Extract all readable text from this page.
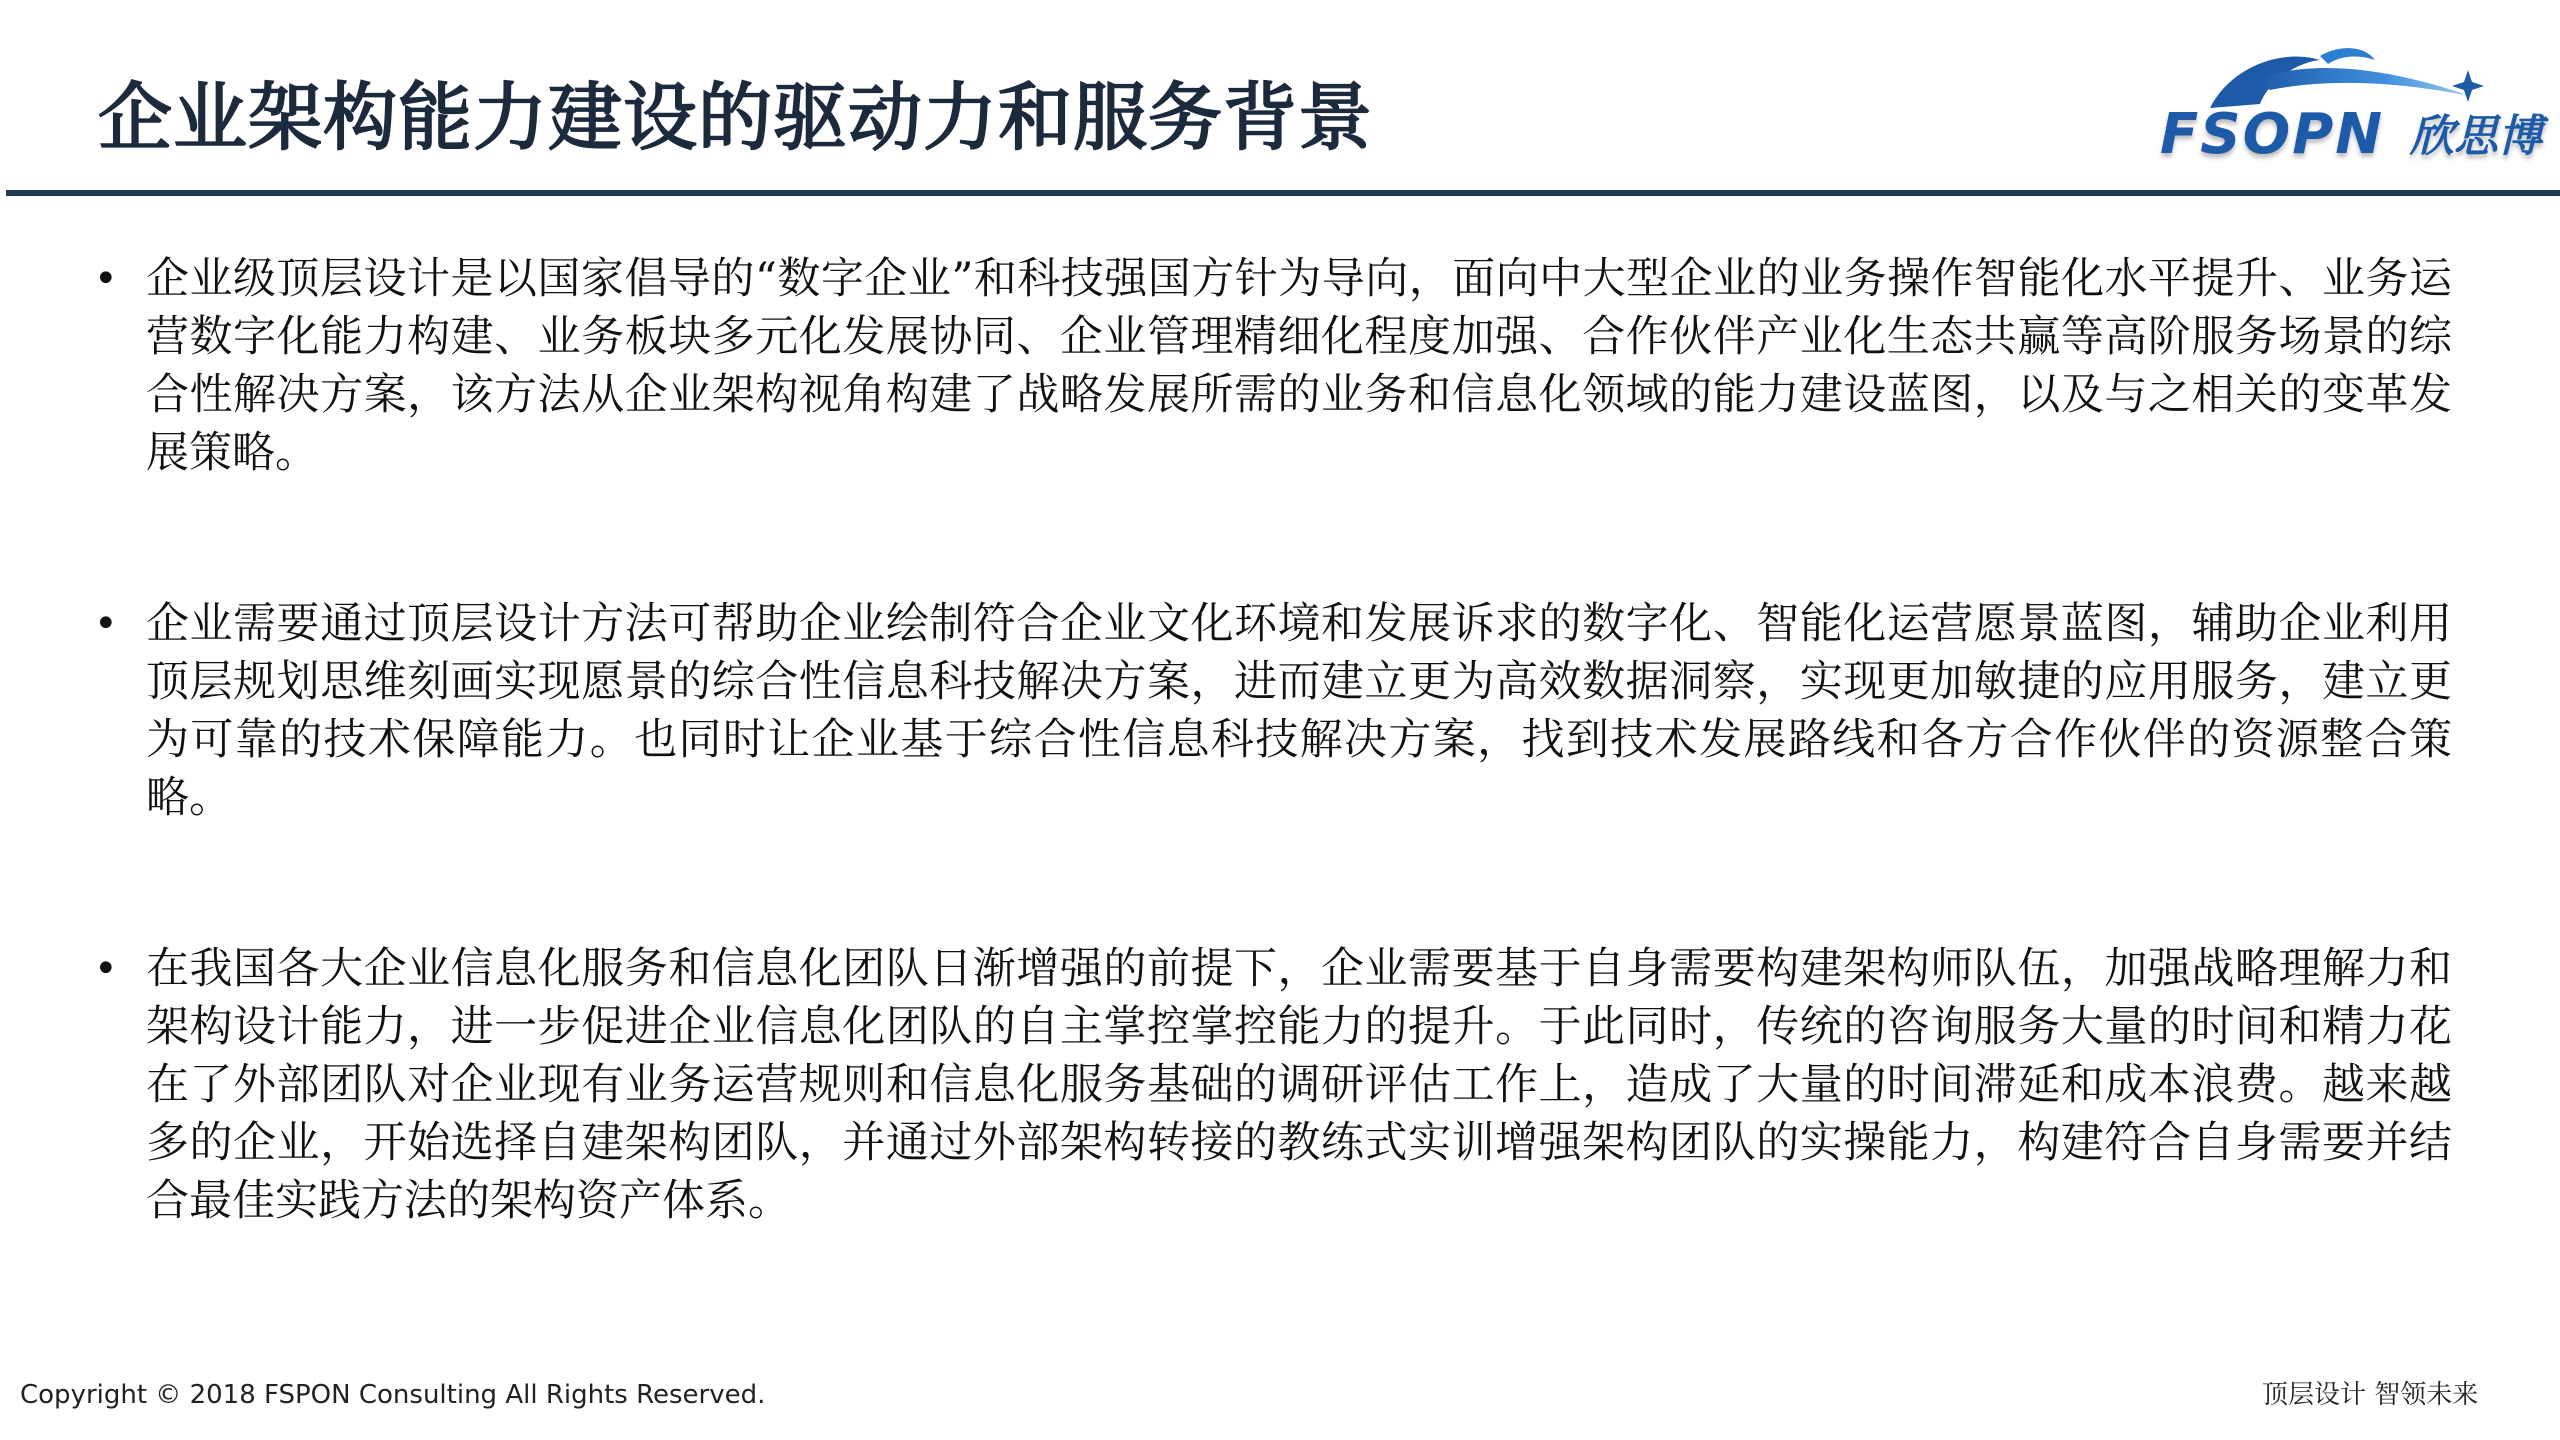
企业架构能力建设的驱动力和服务背景	FSOPN 欣思博
• 企业级顶层设计是以国家倡导的“数字企业”和科技强国方针为导向，面向中大型企业的业务操作智能化水平提升、业务运营数字化能力构建、业务板块多元化发展协同、企业管理精细化程度加强、合作伙伴产业化生态共赢等高阶服务场景的综合性解决方案，该方法从企业架构视角构建了战略发展所需的业务和信息化领域的能力建设蓝图，以及与之相关的变革发展策略。

• 企业需要通过顶层设计方法可帮助企业绘制符合企业文化环境和发展诉求的数字化、智能化运营愿景蓝图，辅助企业利用顶层规划思维刻画实现愿景的综合性信息科技解决方案，进而建立更为高效数据洞察，实现更加敏捷的应用服务，建立更为可靠的技术保障能力。也同时让企业基于综合性信息科技解决方案，找到技术发展路线和各方合作伙伴的资源整合策略。

• 在我国各大企业信息化服务和信息化团队日渐增强的前提下，企业需要基于自身需要构建架构师队伍，加强战略理解力和架构设计能力，进一步促进企业信息化团队的自主掌控掌控能力的提升。于此同时，传统的咨询服务大量的时间和精力花在了外部团队对企业现有业务运营规则和信息化服务基础的调研评估工作上，造成了大量的时间滞延和成本浪费。越来越多的企业，开始选择自建架构团队，并通过外部架构转接的教练式实训增强架构团队的实操能力，构建符合自身需要并结合最佳实践方法的架构资产体系。

Copyright © 2018 FSPON Consulting All Rights Reserved.	顶层设计 智领未来
